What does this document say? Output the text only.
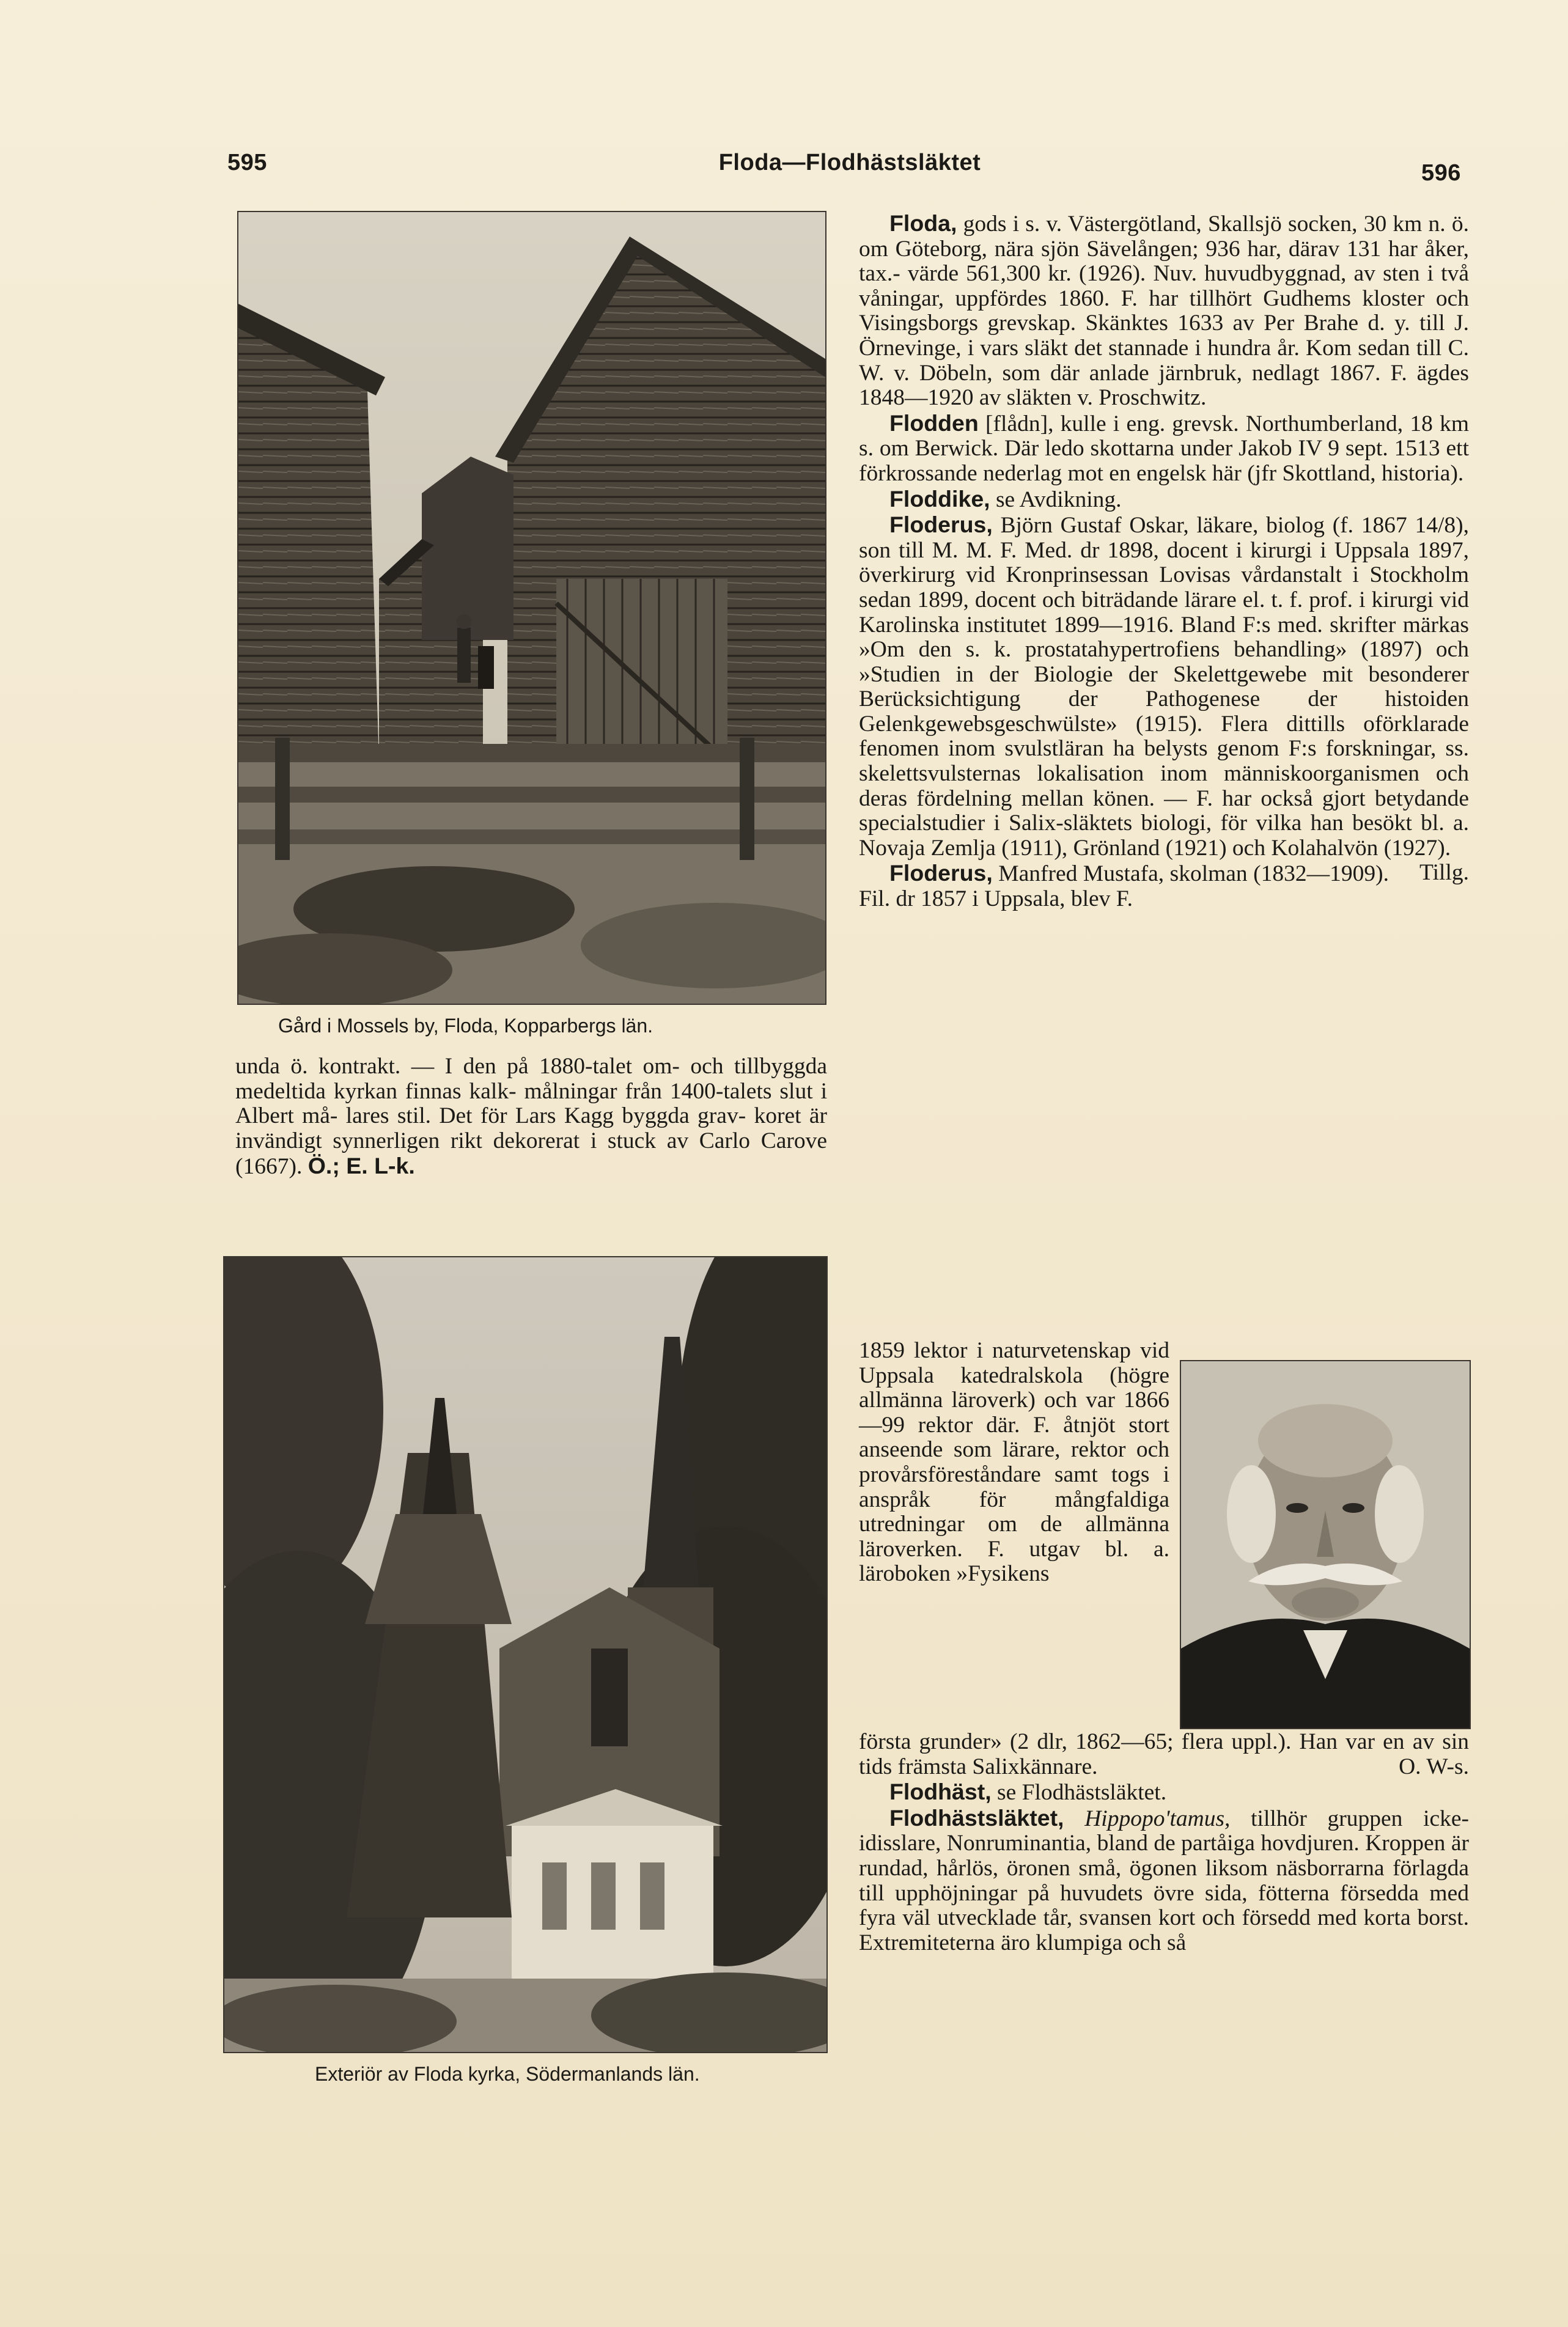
595	Floda—Flodhästsläktet	596
Gård i Mossels by, Floda, Kopparbergs län.

unda ö. kontrakt. — I den på 1880-talet om- och tillbyggda medeltida kyrkan finnas kalk- målningar från 1400-talets slut i Albert må- lares stil. Det för Lars Kagg byggda grav- koret är invändigt synnerligen rikt dekorerat i stuck av Carlo Carove (1667). Ö.; E. L-k.

Exteriör av Floda kyrka, Södermanlands län.

Floda, gods i s. v. Västergötland, Skallsjö socken, 30 km n. ö. om Göteborg, nära sjön Sävelången; 936 har, därav 131 har åker, tax.- värde 561,300 kr. (1926). Nuv. huvudbyggnad, av sten i två våningar, uppfördes 1860. F. har tillhört Gudhems kloster och Visingsborgs grevskap. Skänktes 1633 av Per Brahe d. y. till J. Örnevinge, i vars släkt det stannade i hundra år. Kom sedan till C. W. v. Döbeln, som där anlade järnbruk, nedlagt 1867. F. ägdes 1848—1920 av släkten v. Proschwitz.

Flodden [flådn], kulle i eng. grevsk. Northumberland, 18 km s. om Berwick. Där ledo skottarna under Jakob IV 9 sept. 1513 ett förkrossande nederlag mot en engelsk här (jfr Skottland, historia).

Floddike, se Avdikning.

Floderus, Björn Gustaf Oskar, läkare, biolog (f. 1867 14/8), son till M. M. F. Med. dr 1898, docent i kirurgi i Uppsala 1897, överkirurg vid Kronprinsessan Lovisas vårdanstalt i Stockholm sedan 1899, docent och biträdande lärare el. t. f. prof. i kirurgi vid Karolinska institutet 1899—1916. Bland F:s med. skrifter märkas »Om den s. k. prostatahypertrofiens behandling» (1897) och »Studien in der Biologie der Skelettgewebe mit besonderer Berücksichtigung der Pathogenese der histoiden Gelenkgewebsgeschwülste» (1915). Flera dittills oförklarade fenomen inom svulstläran ha belysts genom F:s forskningar, ss. skelettsvulsternas lokalisation inom människoorganismen och deras fördelning mellan könen. — F. har också gjort betydande specialstudier i Salix-släktets biologi, för vilka han besökt bl. a. Novaja Zemlja (1911), Grönland (1921) och Kolahalvön (1927).
Tillg.

Floderus, Manfred Mustafa, skolman (1832—1909). Fil. dr 1857 i Uppsala, blev F.

1859 lektor i naturvetenskap vid Uppsala katedralskola (högre allmänna läroverk) och var 1866—99 rektor där. F. åtnjöt stort anseende som lärare, rektor och provårsföreståndare samt togs i anspråk för mångfaldiga utredningar om de allmänna läroverken. F. utgav bl. a. läroboken »Fysikens

första grunder» (2 dlr, 1862—65; flera uppl.). Han var en av sin tids främsta Salixkännare.	O. W-s.

Flodhäst, se Flodhästsläktet.

Flodhästsläktet, Hippopo'tamus, tillhör gruppen icke-idisslare, Nonruminantia, bland de partåiga hovdjuren. Kroppen är rundad, hårlös, öronen små, ögonen liksom näsborrarna förlagda till upphöjningar på huvudets övre sida, fötterna försedda med fyra väl utvecklade tår, svansen kort och försedd med korta borst. Extremiteterna äro klumpiga och så
